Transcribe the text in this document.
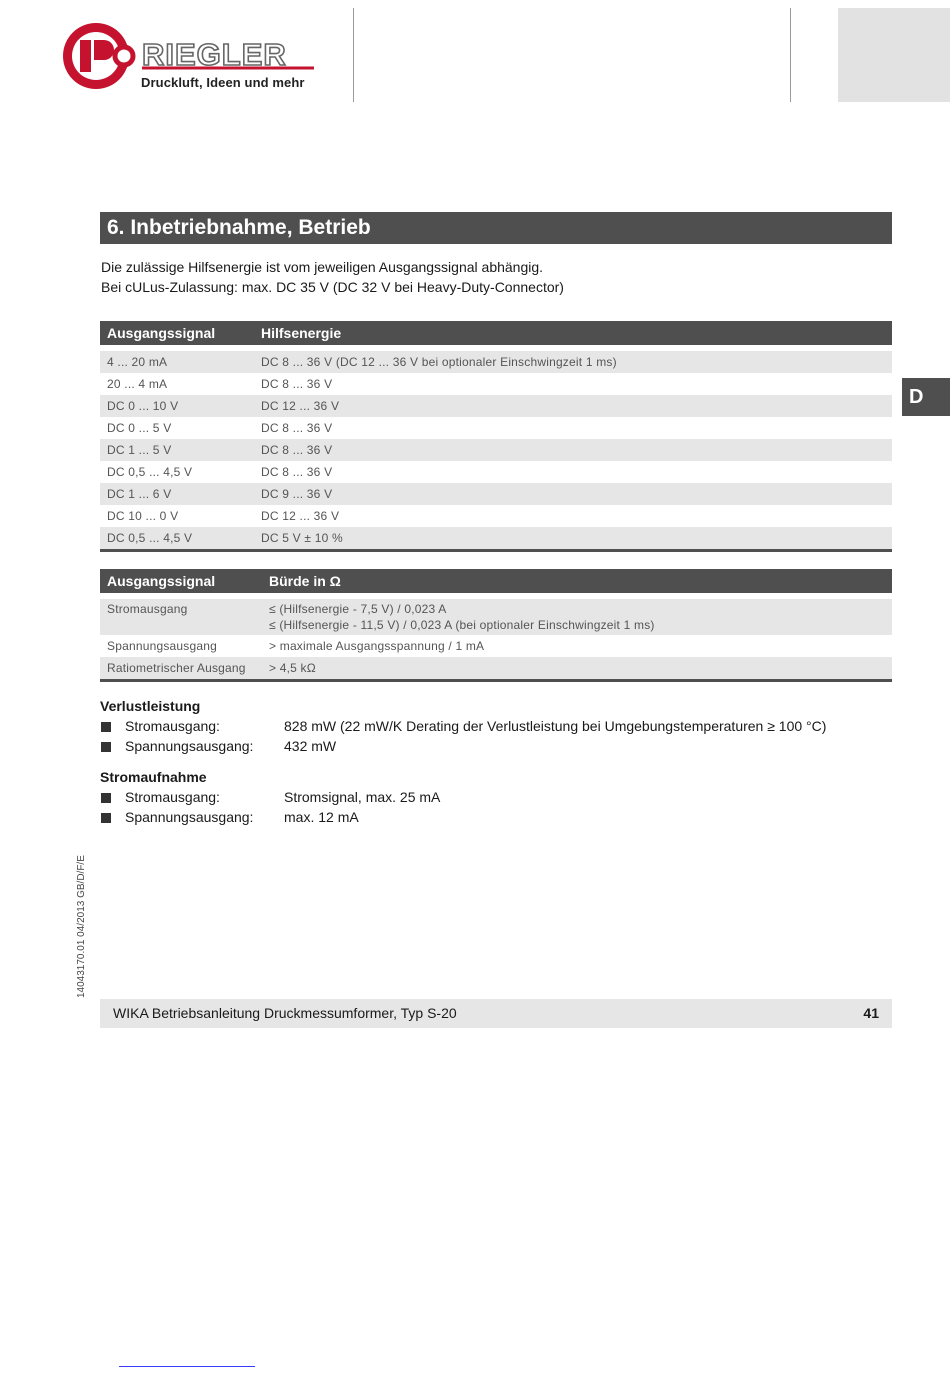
RIEGLER
Druckluft, Ideen und mehr
6. Inbetriebnahme, Betrieb
Die zulässige Hilfsenergie ist vom jeweiligen Ausgangssignal abhängig.
Bei cULus-Zulassung: max. DC 35 V (DC 32 V bei Heavy-Duty-Connector)
Ausgangssignal	Hilfsenergie

4 ... 20 mA	DC 8 ... 36 V (DC 12 ... 36 V bei optionaler Einschwingzeit 1 ms)
20 ... 4 mA	DC 8 ... 36 V
DC 0 ... 10 V	DC 12 ... 36 V
DC 0 ... 5 V	DC 8 ... 36 V
DC 1 ... 5 V	DC 8 ... 36 V
DC 0,5 ... 4,5 V	DC 8 ... 36 V
DC 1 ... 6 V	DC 9 ... 36 V
DC 10 ... 0 V	DC 12 ... 36 V
DC 0,5 ... 4,5 V	DC 5 V ± 10 %
Ausgangssignal	Bürde in Ω

Stromausgang	≤ (Hilfsenergie - 7,5 V) / 0,023 A
≤ (Hilfsenergie - 11,5 V) / 0,023 A (bei optionaler Einschwingzeit 1 ms)

Spannungsausgang	> maximale Ausgangsspannung / 1 mA
Ratiometrischer Ausgang	> 4,5 kΩ
Verlustleistung
Stromausgang:	828 mW (22 mW/K Derating der Verlustleistung bei Umgebungstemperaturen ≥ 100 °C)
Spannungsausgang: 432 mW
Stromaufnahme
Stromausgang:	Stromsignal, max. 25 mA
Spannungsausgang: max. 12 mA
D
14043170.01 04/2013 GB/D/F/E
WIKA Betriebsanleitung Druckmessumformer, Typ S-20	41
